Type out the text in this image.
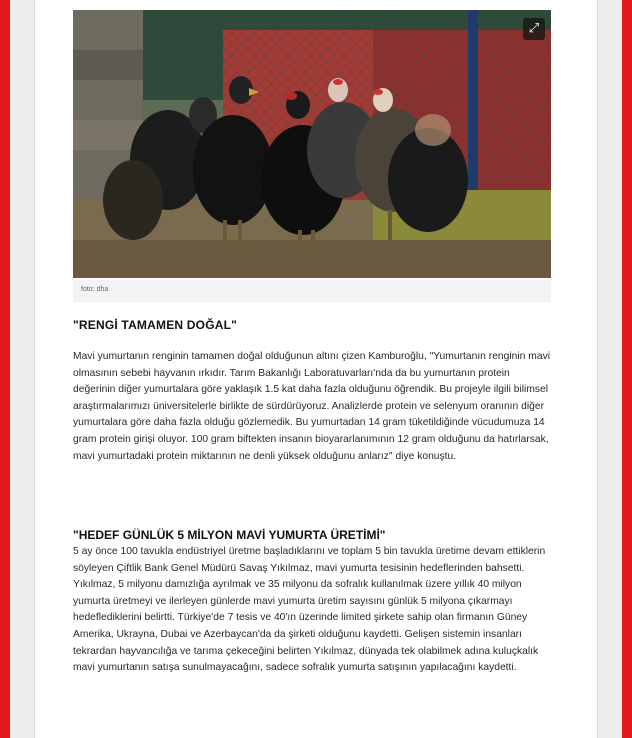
⤢
foto: dha
"RENGİ TAMAMEN DOĞAL"

Mavi yumurtanın renginin tamamen doğal olduğunun altını çizen Kamburoğlu, "Yumurtanın renginin mavi olmasının sebebi hayvanın ırkıdır. Tarım Bakanlığı Laboratuvarları'nda da bu yumurtanın protein değerinin diğer yumurtalara göre yaklaşık 1.5 kat daha fazla olduğunu öğrendik. Bu projeyle ilgili bilimsel araştırmalarımızı üniversitelerle birlikte de sürdürüyoruz. Analizlerde protein ve selenyum oranının diğer yumurtalara göre daha fazla olduğu gözlemedik. Bu yumurtadan 14 gram tüketildiğinde vücudumuza 14 gram protein girişi oluyor. 100 gram biftekten insanın bioyararlanımının 12 gram olduğunu da hatırlarsak, mavi yumurtadaki protein miktarının ne denli yüksek olduğunu anlarız" diye konuştu.

"HEDEF GÜNLÜK 5 MİLYON MAVİ YUMURTA ÜRETİMİ"

5 ay önce 100 tavukla endüstriyel üretme başladıklarını ve toplam 5 bin tavukla üretime devam ettiklerin söyleyen Çiftlik Bank Genel Müdürü Savaş Yıkılmaz, mavi yumurta tesisinin hedeflerinden bahsetti. Yıkılmaz, 5 milyonu damızlığa ayrılmak ve 35 milyonu da sofralık kullanılmak üzere yıllık 40 milyon yumurta üretmeyi ve ilerleyen günlerde mavi yumurta üretim sayısını günlük 5 milyona çıkarmayı hedeflediklerini belirtti. Türkiye'de 7 tesis ve 40'ın üzerinde limited şirkete sahip olan firmanın Güney Amerika, Ukrayna, Dubai ve Azerbaycan'da da şirketi olduğunu kaydetti. Gelişen sistemin insanları tekrardan hayvancılığa ve tarıma çekeceğini belirten Yıkılmaz, dünyada tek olabilmek adına kuluçkalık mavi yumurtanın satışa sunulmayacağını, sadece sofralık yumurta satışının yapılacağını kaydetti.
